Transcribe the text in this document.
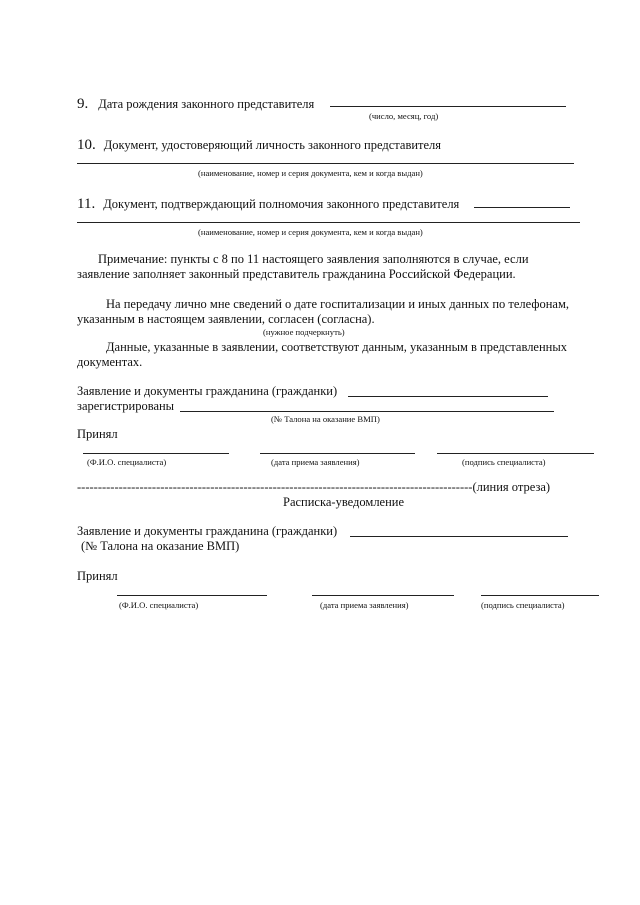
9. Дата рождения законного представителя
(число, месяц, год)
10. Документ, удостоверяющий личность законного представителя
(наименование, номер и серия документа, кем и когда выдан)
11. Документ, подтверждающий полномочия законного представителя
(наименование, номер и серия документа, кем и когда выдан)
Примечание: пункты с 8 по 11 настоящего заявления заполняются в случае, если
заявление заполняет законный представитель гражданина Российской Федерации.
На передачу лично мне сведений о дате госпитализации и иных данных по телефонам,
указанным в настоящем заявлении, согласен (согласна).
(нужное подчеркнуть)
Данные, указанные в заявлении, соответствуют данным, указанным в представленных
документах.
Заявление и документы гражданина (гражданки)
зарегистрированы
(№ Талона на оказание ВМП)
Принял
(Ф.И.О. специалиста)	(дата приема заявления)	(подпись специалиста)
-----------------------------------------------------------------------------------------------(линия отреза)
Расписка-уведомление
Заявление и документы гражданина (гражданки)
(№ Талона на оказание ВМП)
Принял
(Ф.И.О. специалиста)	(дата приема заявления)	(подпись специалиста)
